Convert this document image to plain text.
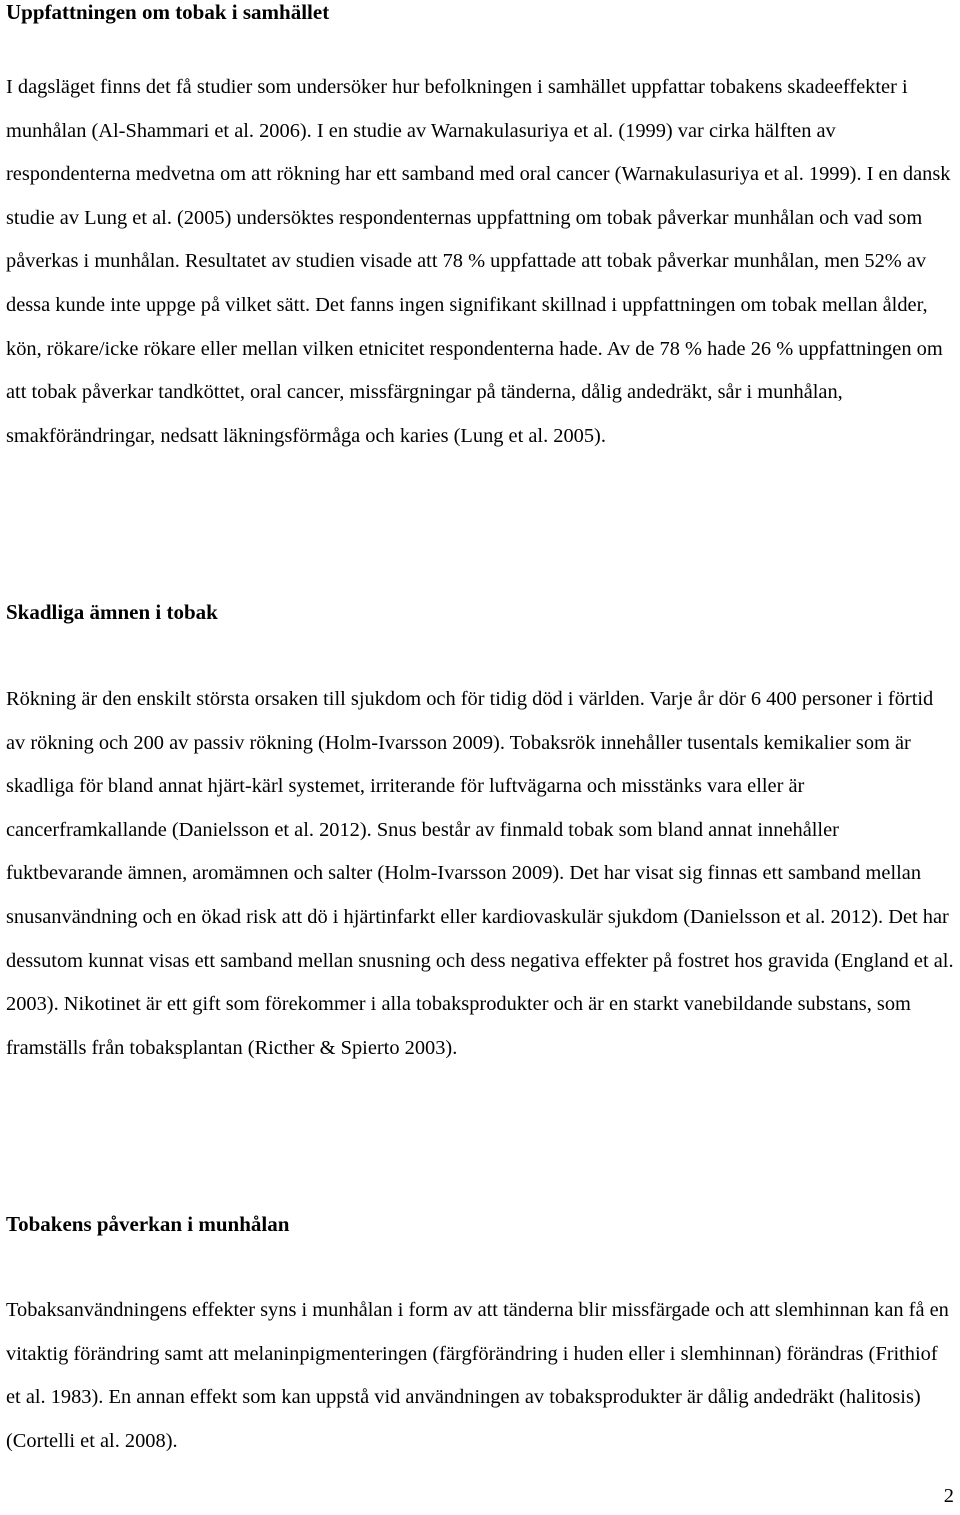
Uppfattningen om tobak i samhället

I dagsläget finns det få studier som undersöker hur befolkningen i samhället uppfattar tobakens skadeeffekter i munhålan (Al-Shammari et al. 2006). I en studie av Warnakulasuriya et al. (1999) var cirka hälften av respondenterna medvetna om att rökning har ett samband med oral cancer (Warnakulasuriya et al. 1999). I en dansk studie av Lung et al. (2005) undersöktes respondenternas uppfattning om tobak påverkar munhålan och vad som påverkas i munhålan. Resultatet av studien visade att 78 % uppfattade att tobak påverkar munhålan, men 52% av dessa kunde inte uppge på vilket sätt. Det fanns ingen signifikant skillnad i uppfattningen om tobak mellan ålder, kön, rökare/icke rökare eller mellan vilken etnicitet respondenterna hade. Av de 78 % hade 26 % uppfattningen om att tobak påverkar tandköttet, oral cancer, missfärgningar på tänderna, dålig andedräkt, sår i munhålan, smakförändringar, nedsatt läkningsförmåga och karies (Lung et al. 2005).

Skadliga ämnen i tobak

Rökning är den enskilt största orsaken till sjukdom och för tidig död i världen. Varje år dör 6 400 personer i förtid av rökning och 200 av passiv rökning (Holm-Ivarsson 2009). Tobaksrök innehåller tusentals kemikalier som är skadliga för bland annat hjärt-kärl systemet, irriterande för luftvägarna och misstänks vara eller är cancerframkallande (Danielsson et al. 2012). Snus består av finmald tobak som bland annat innehåller fuktbevarande ämnen, aromämnen och salter (Holm-Ivarsson 2009). Det har visat sig finnas ett samband mellan snusanvändning och en ökad risk att dö i hjärtinfarkt eller kardiovaskulär sjukdom (Danielsson et al. 2012). Det har dessutom kunnat visas ett samband mellan snusning och dess negativa effekter på fostret hos gravida (England et al. 2003). Nikotinet är ett gift som förekommer i alla tobaksprodukter och är en starkt vanebildande substans, som framställs från tobaksplantan (Ricther & Spierto 2003).

Tobakens påverkan i munhålan

Tobaksanvändningens effekter syns i munhålan i form av att tänderna blir missfärgade och att slemhinnan kan få en vitaktig förändring samt att melaninpigmenteringen (färgförändring i huden eller i slemhinnan) förändras (Frithiof et al. 1983). En annan effekt som kan uppstå vid användningen av tobaksprodukter är dålig andedräkt (halitosis) (Cortelli et al. 2008).

2
